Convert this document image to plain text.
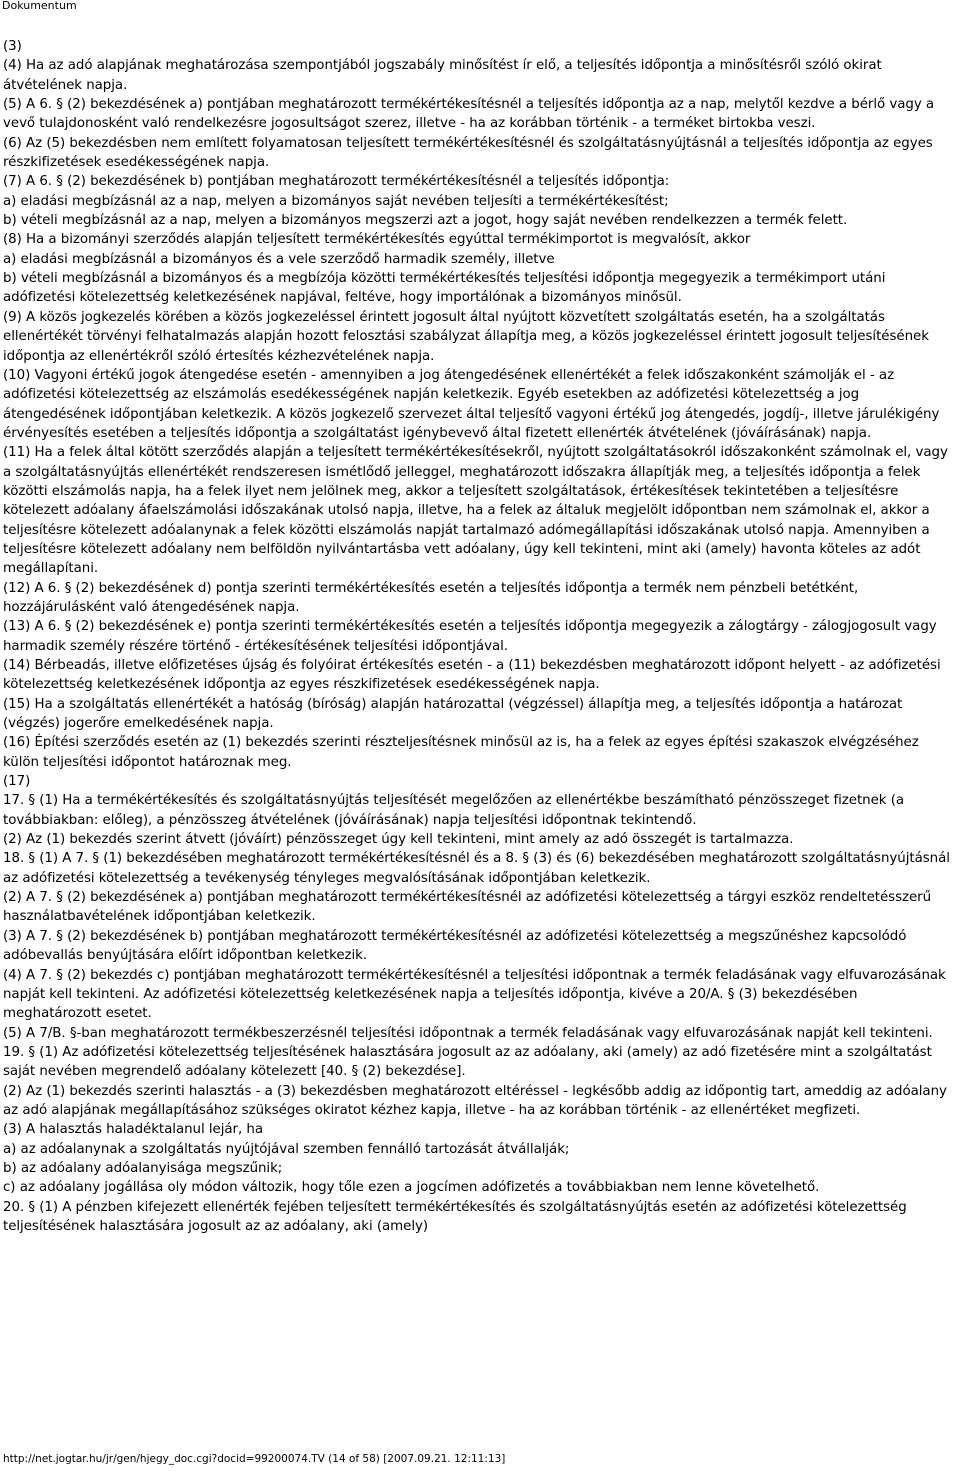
Dokumentum

(3)

(4) Ha az adó alapjának meghatározása szempontjából jogszabály minősítést ír elő, a teljesítés időpontja a minősítésről szóló okirat átvételének napja.

(5) A 6. § (2) bekezdésének a) pontjában meghatározott termékértékesítésnél a teljesítés időpontja az a nap, melytől kezdve a bérlő vagy a vevő tulajdonosként való rendelkezésre jogosultságot szerez, illetve - ha az korábban történik - a terméket birtokba veszi.

(6) Az (5) bekezdésben nem említett folyamatosan teljesített termékértékesítésnél és szolgáltatásnyújtásnál a teljesítés időpontja az egyes részkifizetések esedékességének napja.

(7) A 6. § (2) bekezdésének b) pontjában meghatározott termékértékesítésnél a teljesítés időpontja:

a) eladási megbízásnál az a nap, melyen a bizományos saját nevében teljesíti a termékértékesítést;

b) vételi megbízásnál az a nap, melyen a bizományos megszerzi azt a jogot, hogy saját nevében rendelkezzen a termék felett.

(8) Ha a bizományi szerződés alapján teljesített termékértékesítés egyúttal termékimportot is megvalósít, akkor

a) eladási megbízásnál a bizományos és a vele szerződő harmadik személy, illetve

b) vételi megbízásnál a bizományos és a megbízója közötti termékértékesítés teljesítési időpontja megegyezik a termékimport utáni adófizetési kötelezettség keletkezésének napjával, feltéve, hogy importálónak a bizományos minősül.

(9) A közös jogkezelés körében a közös jogkezeléssel érintett jogosult által nyújtott közvetített szolgáltatás esetén, ha a szolgáltatás ellenértékét törvényi felhatalmazás alapján hozott felosztási szabályzat állapítja meg, a közös jogkezeléssel érintett jogosult teljesítésének időpontja az ellenértékről szóló értesítés kézhezvételének napja.

(10) Vagyoni értékű jogok átengedése esetén - amennyiben a jog átengedésének ellenértékét a felek időszakonként számolják el - az adófizetési kötelezettség az elszámolás esedékességének napján keletkezik. Egyéb esetekben az adófizetési kötelezettség a jog átengedésének időpontjában keletkezik. A közös jogkezelő szervezet által teljesítő vagyoni értékű jog átengedés, jogdíj-, illetve járulékigény érvényesítés esetében a teljesítés időpontja a szolgáltatást igénybevevő által fizetett ellenérték átvételének (jóváírásának) napja.

(11) Ha a felek által kötött szerződés alapján a teljesített termékértékesítésekről, nyújtott szolgáltatásokról időszakonként számolnak el, vagy a szolgáltatásnyújtás ellenértékét rendszeresen ismétlődő jelleggel, meghatározott időszakra állapítják meg, a teljesítés időpontja a felek közötti elszámolás napja, ha a felek ilyet nem jelölnek meg, akkor a teljesített szolgáltatások, értékesítések tekintetében a teljesítésre kötelezett adóalany áfaelszámolási időszakának utolsó napja, illetve, ha a felek az általuk megjelölt időpontban nem számolnak el, akkor a teljesítésre kötelezett adóalanynak a felek közötti elszámolás napját tartalmazó adómegállapítási időszakának utolsó napja. Amennyiben a teljesítésre kötelezett adóalany nem belföldön nyilvántartásba vett adóalany, úgy kell tekinteni, mint aki (amely) havonta köteles az adót megállapítani.

(12) A 6. § (2) bekezdésének d) pontja szerinti termékértékesítés esetén a teljesítés időpontja a termék nem pénzbeli betétként, hozzájárulásként való átengedésének napja.

(13) A 6. § (2) bekezdésének e) pontja szerinti termékértékesítés esetén a teljesítés időpontja megegyezik a zálogtárgy - zálogjogosult vagy harmadik személy részére történő - értékesítésének teljesítési időpontjával.

(14) Bérbeadás, illetve előfizetéses újság és folyóirat értékesítés esetén - a (11) bekezdésben meghatározott időpont helyett - az adófizetési kötelezettség keletkezésének időpontja az egyes részkifizetések esedékességének napja.

(15) Ha a szolgáltatás ellenértékét a hatóság (bíróság) alapján határozattal (végzéssel) állapítja meg, a teljesítés időpontja a határozat (végzés) jogerőre emelkedésének napja.

(16) Építési szerződés esetén az (1) bekezdés szerinti részteljesítésnek minősül az is, ha a felek az egyes építési szakaszok elvégzéséhez külön teljesítési időpontot határoznak meg.

(17)

17. § (1) Ha a termékértékesítés és szolgáltatásnyújtás teljesítését megelőzően az ellenértékbe beszámítható pénzösszeget fizetnek (a továbbiakban: előleg), a pénzösszeg átvételének (jóváírásának) napja teljesítési időpontnak tekintendő.

(2) Az (1) bekezdés szerint átvett (jóváírt) pénzösszeget úgy kell tekinteni, mint amely az adó összegét is tartalmazza.

18. § (1) A 7. § (1) bekezdésében meghatározott termékértékesítésnél és a 8. § (3) és (6) bekezdésében meghatározott szolgáltatásnyújtásnál az adófizetési kötelezettség a tevékenység tényleges megvalósításának időpontjában keletkezik.

(2) A 7. § (2) bekezdésének a) pontjában meghatározott termékértékesítésnél az adófizetési kötelezettség a tárgyi eszköz rendeltetésszerű használatbavételének időpontjában keletkezik.

(3) A 7. § (2) bekezdésének b) pontjában meghatározott termékértékesítésnél az adófizetési kötelezettség a megszűnéshez kapcsolódó adóbevallás benyújtására előírt időpontban keletkezik.

(4) A 7. § (2) bekezdés c) pontjában meghatározott termékértékesítésnél a teljesítési időpontnak a termék feladásának vagy elfuvarozásának napját kell tekinteni. Az adófizetési kötelezettség keletkezésének napja a teljesítés időpontja, kivéve a 20/A. § (3) bekezdésében meghatározott esetet.

(5) A 7/B. §-ban meghatározott termékbeszerzésnél teljesítési időpontnak a termék feladásának vagy elfuvarozásának napját kell tekinteni.

19. § (1) Az adófizetési kötelezettség teljesítésének halasztására jogosult az az adóalany, aki (amely) az adó fizetésére mint a szolgáltatást saját nevében megrendelő adóalany kötelezett [40. § (2) bekezdése].

(2) Az (1) bekezdés szerinti halasztás - a (3) bekezdésben meghatározott eltéréssel - legkésőbb addig az időpontig tart, ameddig az adóalany az adó alapjának megállapításához szükséges okiratot kézhez kapja, illetve - ha az korábban történik - az ellenértéket megfizeti.

(3) A halasztás haladéktalanul lejár, ha

a) az adóalanynak a szolgáltatás nyújtójával szemben fennálló tartozását átvállalják;

b) az adóalany adóalanyisága megszűnik;

c) az adóalany jogállása oly módon változik, hogy tőle ezen a jogcímen adófizetés a továbbiakban nem lenne követelhető.

20. § (1) A pénzben kifejezett ellenérték fejében teljesített termékértékesítés és szolgáltatásnyújtás esetén az adófizetési kötelezettség teljesítésének halasztására jogosult az az adóalany, aki (amely)

http://net.jogtar.hu/jr/gen/hjegy_doc.cgi?docid=99200074.TV (14 of 58) [2007.09.21. 12:11:13]
